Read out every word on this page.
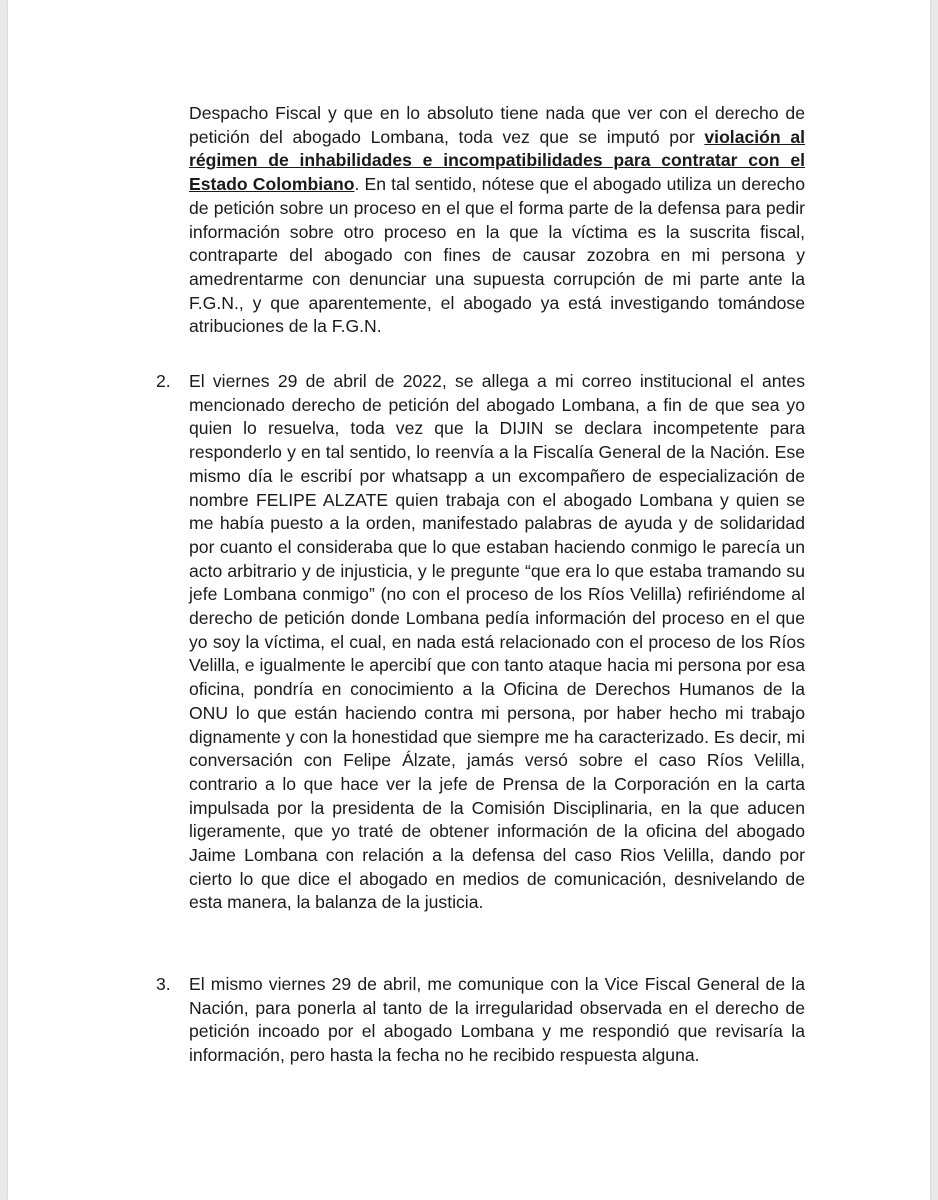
Despacho Fiscal y que en lo absoluto tiene nada que ver con el derecho de petición del abogado Lombana, toda vez que se imputó por violación al régimen de inhabilidades e incompatibilidades para contratar con el Estado Colombiano. En tal sentido, nótese que el abogado utiliza un derecho de petición sobre un proceso en el que el forma parte de la defensa para pedir información sobre otro proceso en la que la víctima es la suscrita fiscal, contraparte del abogado con fines de causar zozobra en mi persona y amedrentarme con denunciar una supuesta corrupción de mi parte ante la F.G.N., y que aparentemente, el abogado ya está investigando tomándose atribuciones de la F.G.N.
2.	El viernes 29 de abril de 2022, se allega a mi correo institucional el antes mencionado derecho de petición del abogado Lombana, a fin de que sea yo quien lo resuelva, toda vez que la DIJIN se declara incompetente para responderlo y en tal sentido, lo reenvía a la Fiscalía General de la Nación. Ese mismo día le escribí por whatsapp a un excompañero de especialización de nombre FELIPE ALZATE quien trabaja con el abogado Lombana y quien se me había puesto a la orden, manifestado palabras de ayuda y de solidaridad por cuanto el consideraba que lo que estaban haciendo conmigo le parecía un acto arbitrario y de injusticia, y le pregunte “que era lo que estaba tramando su jefe Lombana conmigo” (no con el proceso de los Ríos Velilla) refiriéndome al derecho de petición donde Lombana pedía información del proceso en el que yo soy la víctima, el cual, en nada está relacionado con el proceso de los Ríos Velilla, e igualmente le apercibí que con tanto ataque hacia mi persona por esa oficina, pondría en conocimiento a la Oficina de Derechos Humanos de la ONU lo que están haciendo contra mi persona, por haber hecho mi trabajo dignamente y con la honestidad que siempre me ha caracterizado. Es decir, mi conversación con Felipe Álzate, jamás versó sobre el caso Ríos Velilla, contrario a lo que hace ver la jefe de Prensa de la Corporación en la carta impulsada por la presidenta de la Comisión Disciplinaria, en la que aducen ligeramente, que yo traté de obtener información de la oficina del abogado Jaime Lombana con relación a la defensa del caso Rios Velilla, dando por cierto lo que dice el abogado en medios de comunicación, desnivelando de esta manera, la balanza de la justicia.
3.	El mismo viernes 29 de abril, me comunique con la Vice Fiscal General de la Nación, para ponerla al tanto de la irregularidad observada en el derecho de petición incoado por el abogado Lombana y me respondió que revisaría la información, pero hasta la fecha no he recibido respuesta alguna.
